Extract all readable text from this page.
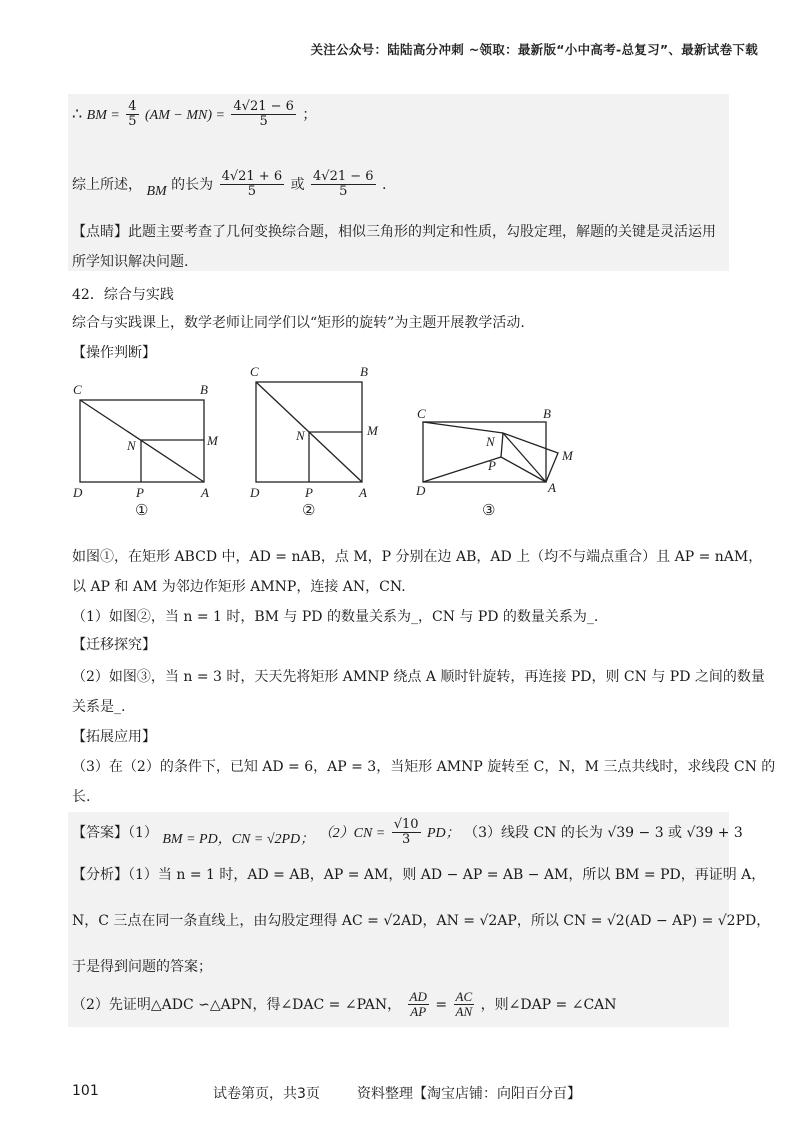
关注公众号：陆陆高分冲刺 ~领取：最新版“小中高考-总复习”、最新试卷下载
∴ BM = $\frac{4}{5} (AM - MN) = \frac{4√21 - 6}{5}$ ；
综上所述， BM 的长为 $\frac{4√21 + 6}{5}$ 或 $\frac{4√21 - 6}{5}$ .
【点睛】此题主要考查了几何变换综合题，相似三角形的判定和性质，勾股定理，解题的关键是灵活运用
所学知识解决问题.
42．综合与实践
综合与实践课上，数学老师让同学们以“矩形的旋转”为主题开展教学活动.
【操作判断】
C	B
N	M
D	P	A
①
C	B
N	M
D	P	A
②
C	B
N
M
D
P
A
③
如图①，在矩形 ABCD 中，AD = nAB，点 M，P 分别在边 AB，AD 上（均不与端点重合）且 AP = nAM，
以 AP 和 AM 为邻边作矩形 AMNP，连接 AN，CN.
（1）如图②，当 n = 1 时，BM 与 PD 的数量关系为_，CN 与 PD 的数量关系为_.
【迁移探究】
（2）如图③，当 n = 3 时，天天先将矩形 AMNP 绕点 A 顺时针旋转，再连接 PD，则 CN 与 PD 之间的数量
关系是_.
【拓展应用】
（3）在（2）的条件下，已知 AD = 6，AP = 3，当矩形 AMNP 旋转至 C，N，M 三点共线时，求线段 CN 的
长.
【答案】（1） BM = PD，CN = √2PD； $(2)CN = \frac{√10}{3}$ PD； （3）线段 CN 的长为 √39 − 3 或 √39 + 3
【分析】（1）当 n = 1 时，AD = AB，AP = AM，则 AD − AP = AB − AM，所以 BM = PD，再证明 A，
N，C 三点在同一条直线上，由勾股定理得 AC = √2AD，AN = √2AP，所以 CN = √2(AD − AP) = √2PD，
于是得到问题的答案；
（2）先证明△ADC ∽△APN，得∠DAC = ∠PAN， $\frac{AD}{AP} = \frac{AC}{AN}$ ，则∠DAP = ∠CAN
101	试卷第页，共3页	资料整理【淘宝店铺：向阳百分百】
